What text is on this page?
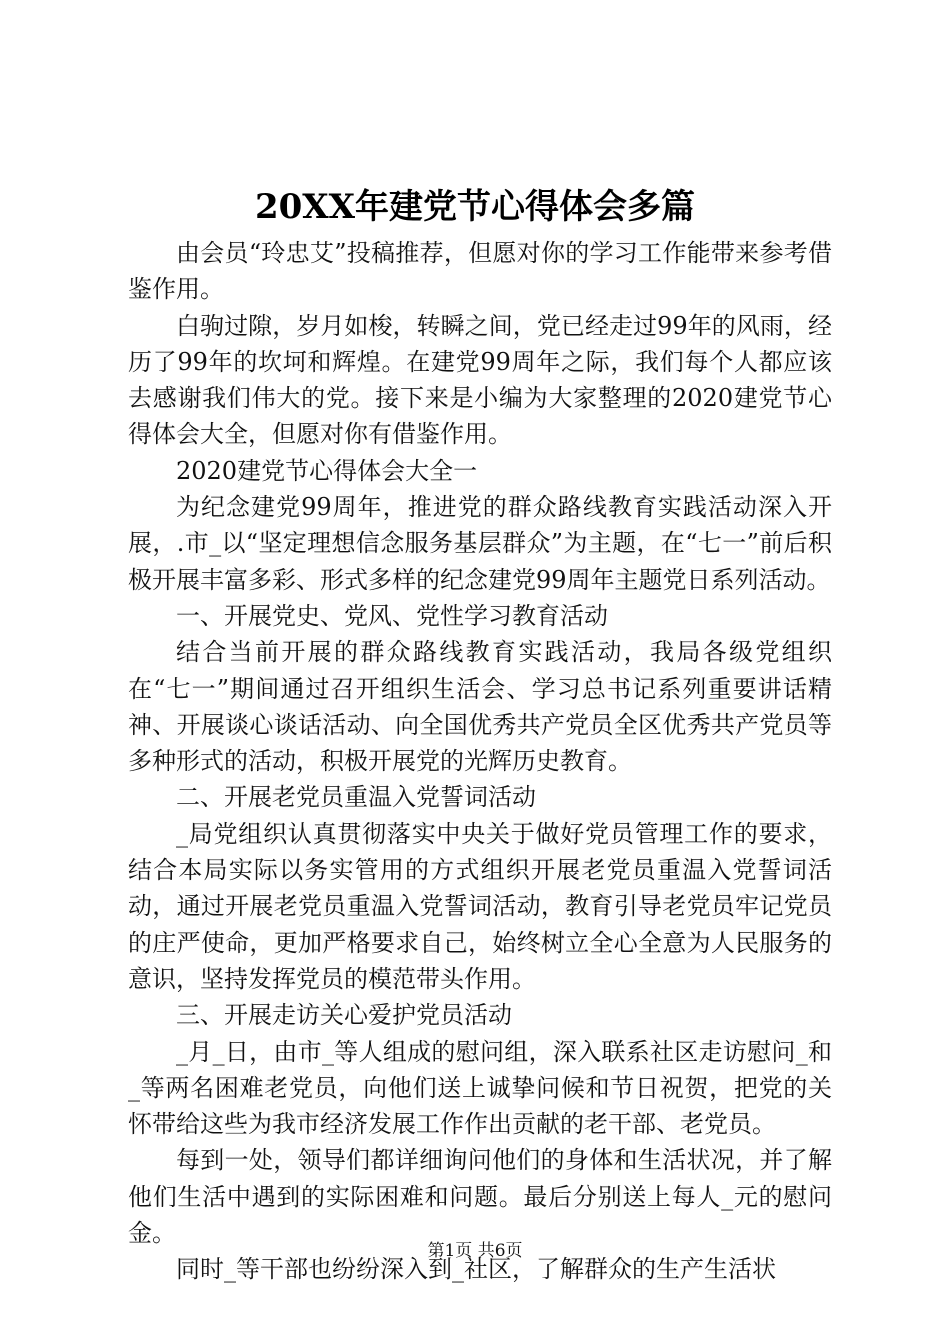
20XX年建党节心得体会多篇

由会员“玲忠艾”投稿推荐，但愿对你的学习工作能带来参考借鉴作用。

白驹过隙，岁月如梭，转瞬之间，党已经走过99年的风雨，经历了99年的坎坷和辉煌。在建党99周年之际，我们每个人都应该去感谢我们伟大的党。接下来是小编为大家整理的2020建党节心得体会大全，但愿对你有借鉴作用。

2020建党节心得体会大全一

为纪念建党99周年，推进党的群众路线教育实践活动深入开展，.市_以“坚定理想信念服务基层群众”为主题，在“七一”前后积极开展丰富多彩、形式多样的纪念建党99周年主题党日系列活动。

一、开展党史、党风、党性学习教育活动

结合当前开展的群众路线教育实践活动，我局各级党组织在“七一”期间通过召开组织生活会、学习总书记系列重要讲话精神、开展谈心谈话活动、向全国优秀共产党员全区优秀共产党员等多种形式的活动，积极开展党的光辉历史教育。

二、开展老党员重温入党誓词活动

_局党组织认真贯彻落实中央关于做好党员管理工作的要求，结合本局实际以务实管用的方式组织开展老党员重温入党誓词活动，通过开展老党员重温入党誓词活动，教育引导老党员牢记党员的庄严使命，更加严格要求自己，始终树立全心全意为人民服务的意识，坚持发挥党员的模范带头作用。

三、开展走访关心爱护党员活动

_月_日，由市_等人组成的慰问组，深入联系社区走访慰问_和_等两名困难老党员，向他们送上诚挚问候和节日祝贺，把党的关怀带给这些为我市经济发展工作作出贡献的老干部、老党员。

每到一处，领导们都详细询问他们的身体和生活状况，并了解他们生活中遇到的实际困难和问题。最后分别送上每人_元的慰问金。

同时_等干部也纷纷深入到_社区，了解群众的生产生活状

第1页 共6页
